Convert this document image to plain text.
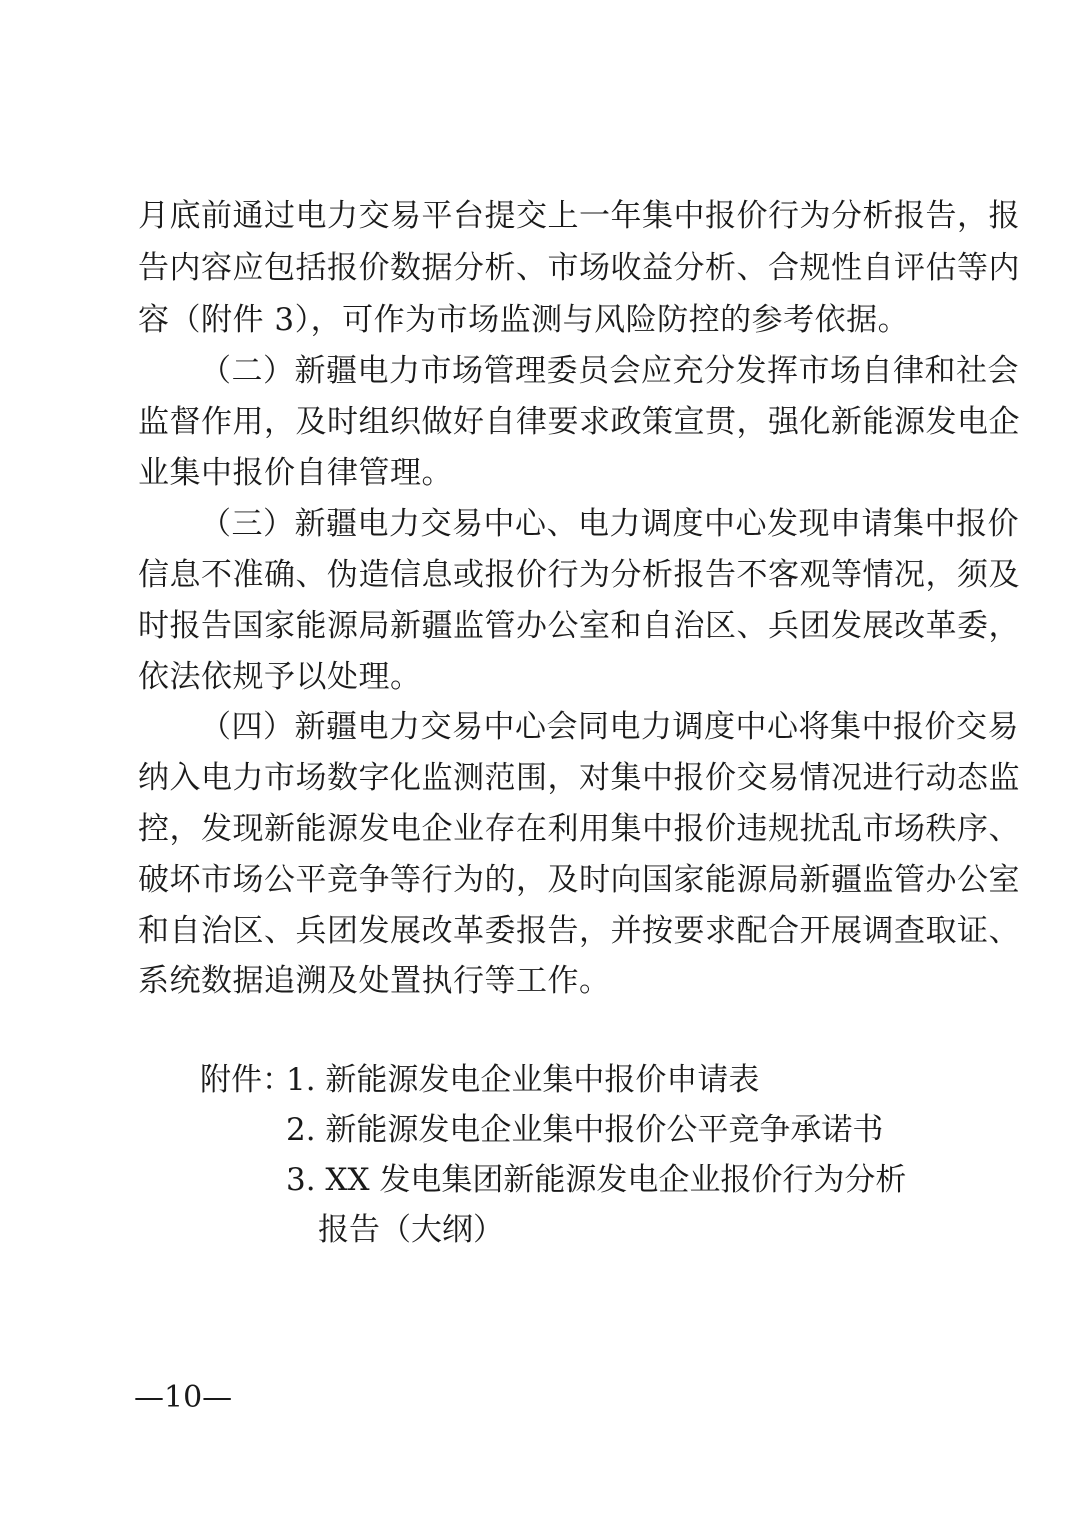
月底前通过电力交易平台提交上一年集中报价行为分析报告，报
告内容应包括报价数据分析、市场收益分析、合规性自评估等内
容（附件 3），可作为市场监测与风险防控的参考依据。
（二）新疆电力市场管理委员会应充分发挥市场自律和社会
监督作用，及时组织做好自律要求政策宣贯，强化新能源发电企
业集中报价自律管理。
（三）新疆电力交易中心、电力调度中心发现申请集中报价
信息不准确、伪造信息或报价行为分析报告不客观等情况，须及
时报告国家能源局新疆监管办公室和自治区、兵团发展改革委，
依法依规予以处理。
（四）新疆电力交易中心会同电力调度中心将集中报价交易
纳入电力市场数字化监测范围，对集中报价交易情况进行动态监
控，发现新能源发电企业存在利用集中报价违规扰乱市场秩序、
破坏市场公平竞争等行为的，及时向国家能源局新疆监管办公室
和自治区、兵团发展改革委报告，并按要求配合开展调查取证、
系统数据追溯及处置执行等工作。
附件：
1. 新能源发电企业集中报价申请表
2. 新能源发电企业集中报价公平竞争承诺书
3. XX 发电集团新能源发电企业报价行为分析
报告（大纲）
—10—
